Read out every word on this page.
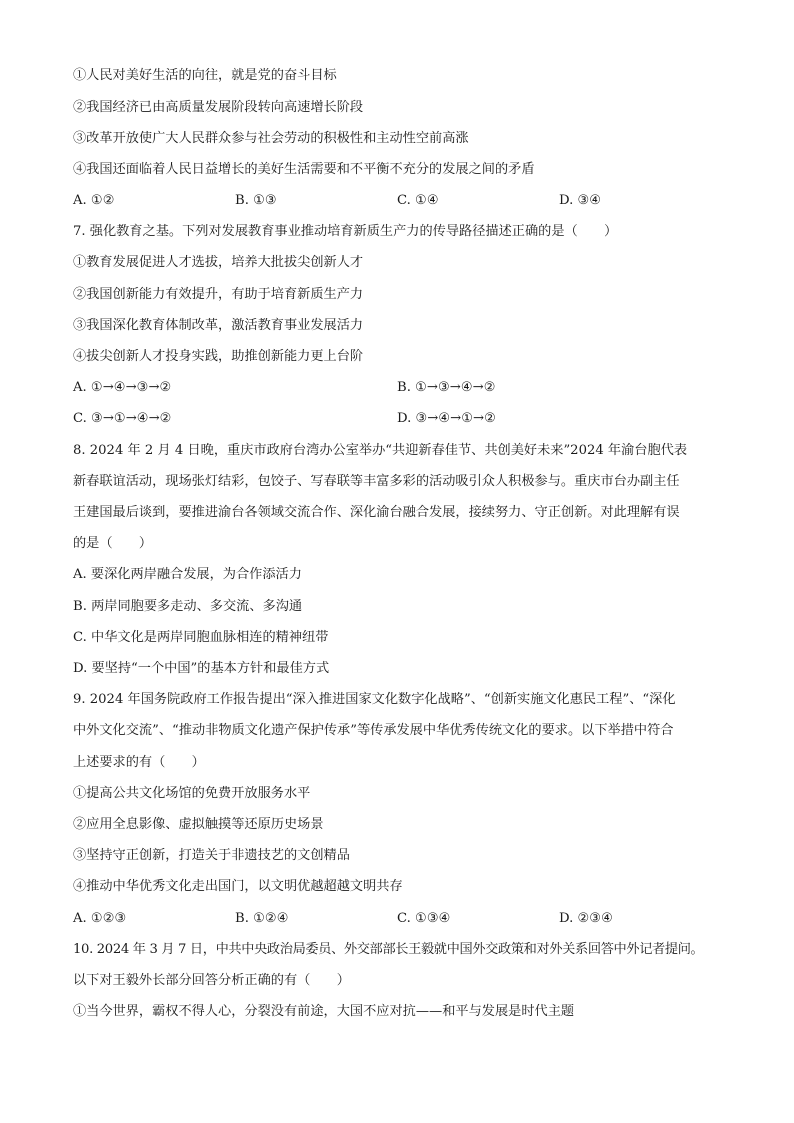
①人民对美好生活的向往，就是党的奋斗目标
②我国经济已由高质量发展阶段转向高速增长阶段
③改革开放使广大人民群众参与社会劳动的积极性和主动性空前高涨
④我国还面临着人民日益增长的美好生活需要和不平衡不充分的发展之间的矛盾
A. ①②	B. ①③	C. ①④	D. ③④
7. 强化教育之基。下列对发展教育事业推动培育新质生产力的传导路径描述正确的是（　　）
①教育发展促进人才选拔，培养大批拔尖创新人才
②我国创新能力有效提升，有助于培育新质生产力
③我国深化教育体制改革，激活教育事业发展活力
④拔尖创新人才投身实践，助推创新能力更上台阶
A. ①→④→③→②	B. ①→③→④→②
C. ③→①→④→②	D. ③→④→①→②
8. 2024 年 2 月 4 日晚，重庆市政府台湾办公室举办“共迎新春佳节、共创美好未来”2024 年渝台胞代表
新春联谊活动，现场张灯结彩，包饺子、写春联等丰富多彩的活动吸引众人积极参与。重庆市台办副主任
王建国最后谈到，要推进渝台各领域交流合作、深化渝台融合发展，接续努力、守正创新。对此理解有误
的是（　　）
A. 要深化两岸融合发展，为合作添活力
B. 两岸同胞要多走动、多交流、多沟通
C. 中华文化是两岸同胞血脉相连的精神纽带
D. 要坚持“一个中国”的基本方针和最佳方式
9. 2024 年国务院政府工作报告提出“深入推进国家文化数字化战略”、“创新实施文化惠民工程”、“深化
中外文化交流”、“推动非物质文化遗产保护传承”等传承发展中华优秀传统文化的要求。以下举措中符合
上述要求的有（　　）
①提高公共文化场馆的免费开放服务水平
②应用全息影像、虚拟触摸等还原历史场景
③坚持守正创新，打造关于非遗技艺的文创精品
④推动中华优秀文化走出国门，以文明优越超越文明共存
A. ①②③	B. ①②④	C. ①③④	D. ②③④
10. 2024 年 3 月 7 日，中共中央政治局委员、外交部部长王毅就中国外交政策和对外关系回答中外记者提问。
以下对王毅外长部分回答分析正确的有（　　）
①当今世界，霸权不得人心，分裂没有前途，大国不应对抗——和平与发展是时代主题
